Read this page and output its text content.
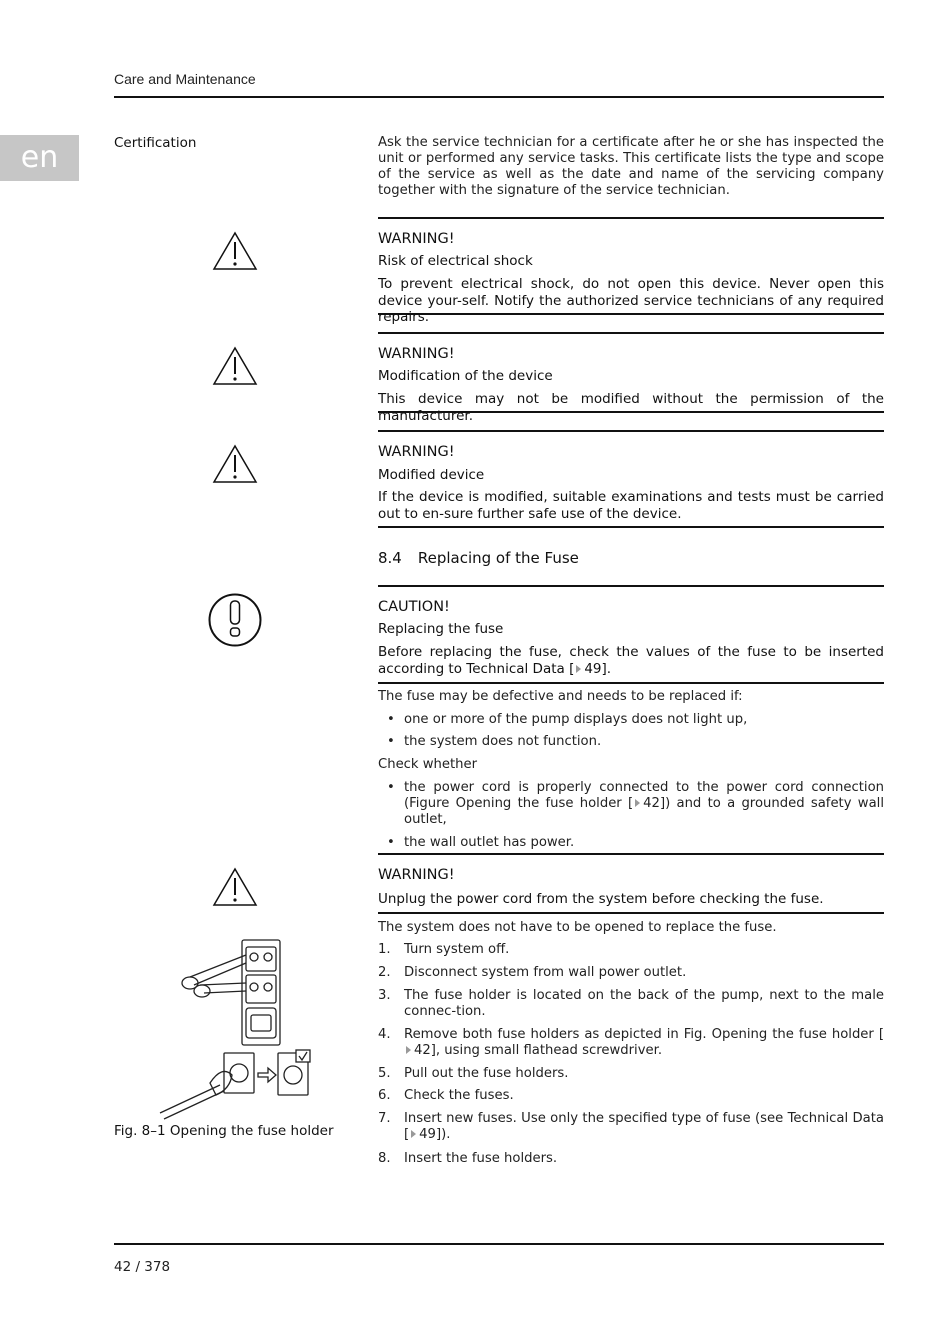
Care and Maintenance
en	Certification	Ask the service technician for a certificate after he or she has inspected the unit or performed any service tasks. This certificate lists the type and scope of the service as well as the date and name of the servicing company together with the signature of the service technician.
WARNING!
Risk of electrical shock
To prevent electrical shock, do not open this device. Never open this device your-self. Notify the authorized service technicians of any required repairs.
WARNING!
Modification of the device
This device may not be modified without the permission of the manufacturer.
WARNING!
Modified device
If the device is modified, suitable examinations and tests must be carried out to en-sure further safe use of the device.
8.4 Replacing of the Fuse
CAUTION!
Replacing the fuse
Before replacing the fuse, check the values of the fuse to be inserted according to Technical Data [ 49].
The fuse may be defective and needs to be replaced if:
• one or more of the pump displays does not light up,
• the system does not function.
Check whether
• the power cord is properly connected to the power cord connection (Figure Opening the fuse holder [ 42]) and to a grounded safety wall outlet,
• the wall outlet has power.
WARNING!
Unplug the power cord from the system before checking the fuse.
The system does not have to be opened to replace the fuse.
1. Turn system off.
2. Disconnect system from wall power outlet.
3. The fuse holder is located on the back of the pump, next to the male connec-tion.
4. Remove both fuse holders as depicted in Fig. Opening the fuse holder [42], using small flathead screwdriver.
5. Pull out the fuse holders.
6. Check the fuses.
7. Insert new fuses. Use only the specified type of fuse (see Technical Data [ 49]).
8. Insert the fuse holders.
Fig. 8–1 Opening the fuse holder
42 / 378
